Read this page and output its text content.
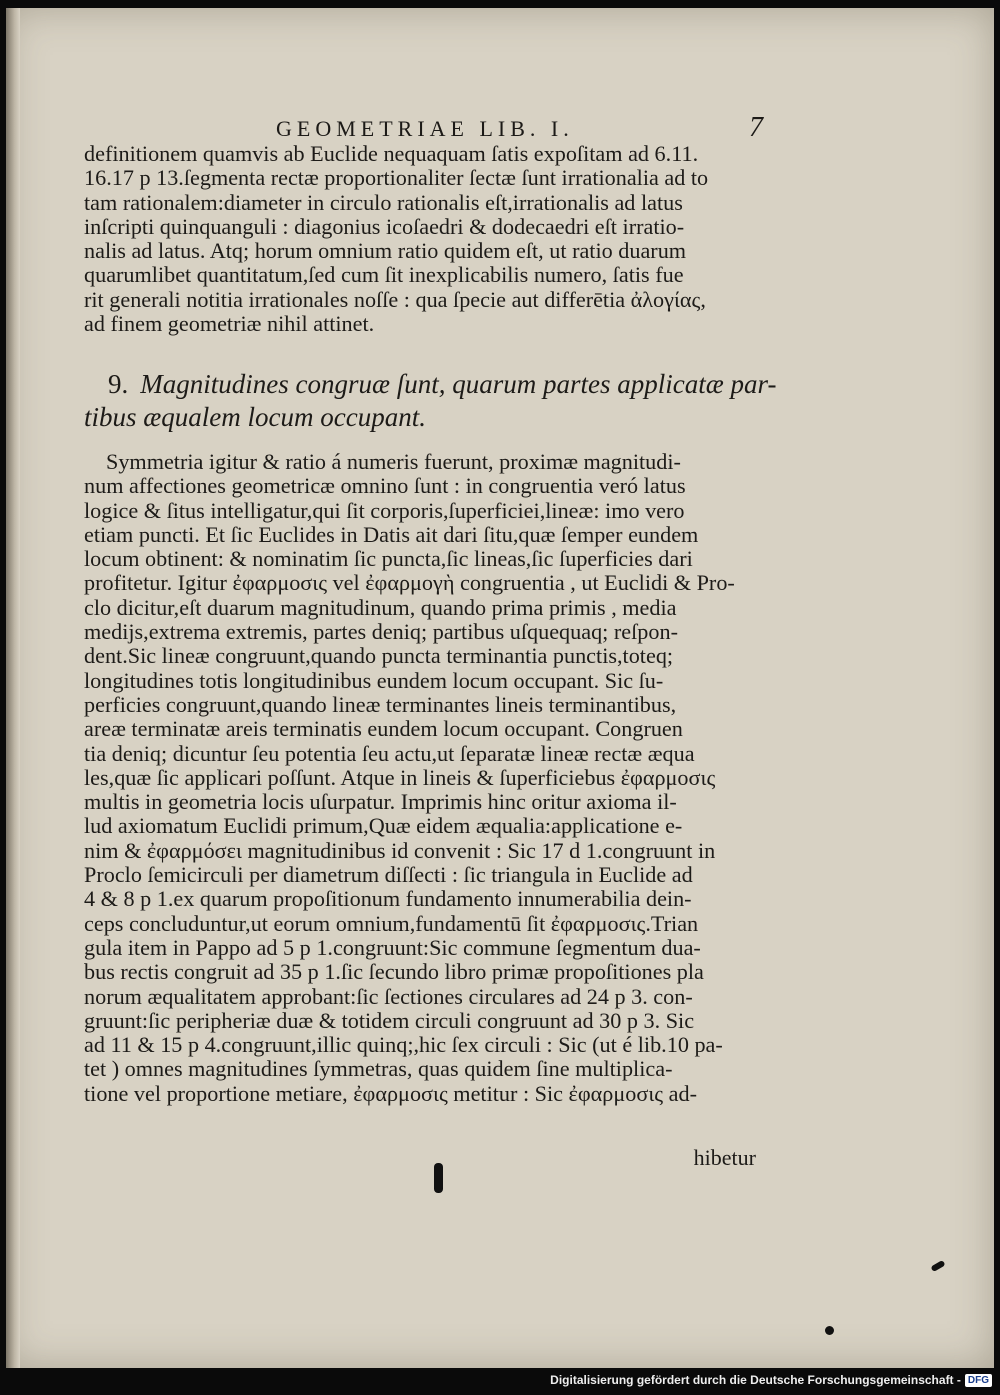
GEOMETRIAE LIB. I.	7
definitionem quamvis ab Euclide nequaquam ſatis expoſitam ad 6.11.
16.17 p 13.ſegmenta rectæ proportionaliter ſectæ ſunt irrationalia ad to
tam rationalem:diameter in circulo rationalis eſt,irrationalis ad latus
inſcripti quinquanguli : diagonius icoſaedri & dodecaedri eſt irratio-
nalis ad latus. Atq; horum omnium ratio quidem eſt, ut ratio duarum
quarumlibet quantitatum,ſed cum ſit inexplicabilis numero, ſatis fue
rit generali notitia irrationales noſſe : qua ſpecie aut differētia ἀλογίας,
ad finem geometriæ nihil attinet.
9. Magnitudines congruæ ſunt, quarum partes applicatæ par-
tibus æqualem locum occupant.
Symmetria igitur & ratio á numeris fuerunt, proximæ magnitudi-
num affectiones geometricæ omnino ſunt : in congruentia veró latus
logice & ſitus intelligatur,qui ſit corporis,ſuperficiei,lineæ: imo vero
etiam puncti. Et ſic Euclides in Datis ait dari ſitu,quæ ſemper eundem
locum obtinent: & nominatim ſic puncta,ſic lineas,ſic ſuperficies dari
profitetur. Igitur ἐφαρμοσις vel ἐφαρμογὴ congruentia , ut Euclidi & Pro-
clo dicitur,eſt duarum magnitudinum, quando prima primis , media
medijs,extrema extremis, partes deniq; partibus uſquequaq; reſpon-
dent.Sic lineæ congruunt,quando puncta terminantia punctis,toteq;
longitudines totis longitudinibus eundem locum occupant. Sic ſu-
perficies congruunt,quando lineæ terminantes lineis terminantibus,
areæ terminatæ areis terminatis eundem locum occupant. Congruen
tia deniq; dicuntur ſeu potentia ſeu actu,ut ſeparatæ lineæ rectæ æqua
les,quæ ſic applicari poſſunt. Atque in lineis & ſuperficiebus ἐφαρμοσις
multis in geometria locis uſurpatur. Imprimis hinc oritur axioma il-
lud axiomatum Euclidi primum,Quæ eidem æqualia:applicatione e-
nim & ἐφαρμόσει magnitudinibus id convenit : Sic 17 d 1.congruunt in
Proclo ſemicirculi per diametrum diſſecti : ſic triangula in Euclide ad
4 & 8 p 1.ex quarum propoſitionum fundamento innumerabilia dein-
ceps concluduntur,ut eorum omnium,fundamentū ſit ἐφαρμοσις.Trian
gula item in Pappo ad 5 p 1.congruunt:Sic commune ſegmentum dua-
bus rectis congruit ad 35 p 1.ſic ſecundo libro primæ propoſitiones pla
norum æqualitatem approbant:ſic ſectiones circulares ad 24 p 3. con-
gruunt:ſic peripheriæ duæ & totidem circuli congruunt ad 30 p 3. Sic
ad 11 & 15 p 4.congruunt,illic quinq;,hic ſex circuli : Sic (ut é lib.10 pa-
tet ) omnes magnitudines ſymmetras, quas quidem ſine multiplica-
tione vel proportione metiare, ἐφαρμοσις metitur : Sic ἐφαρμοσις ad-
hibetur
Digitalisierung gefördert durch die Deutsche Forschungsgemeinschaft - DFG
